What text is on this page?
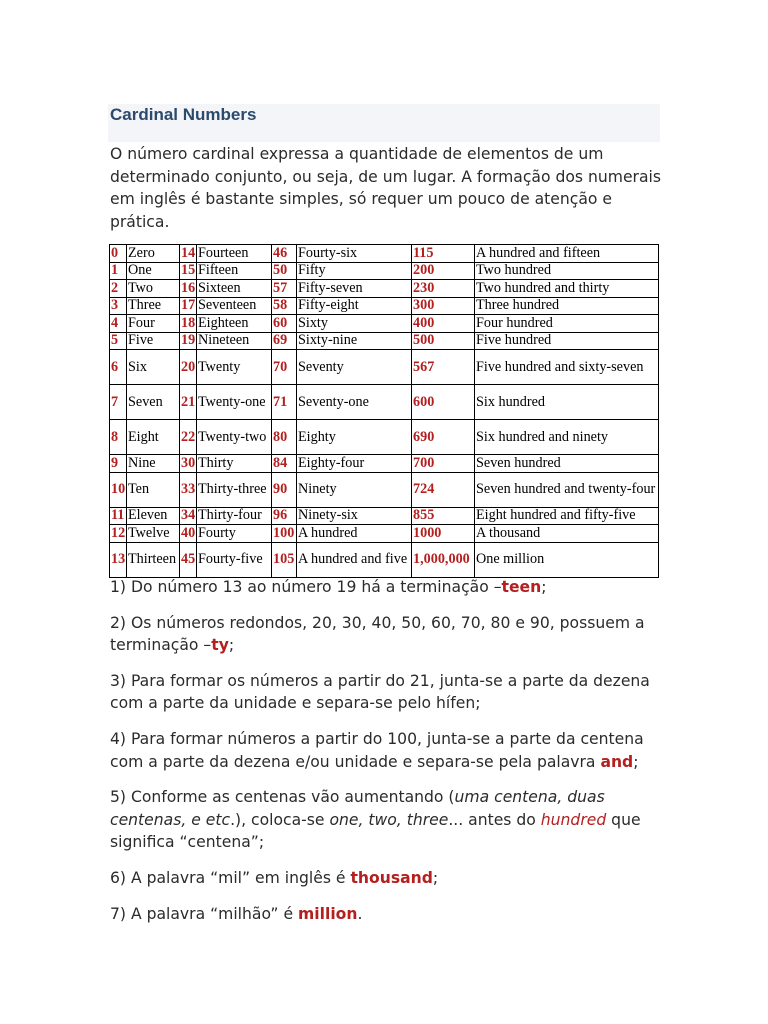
Cardinal Numbers

O número cardinal expressa a quantidade de elementos de um determinado conjunto, ou seja, de um lugar. A formação dos numerais em inglês é bastante simples, só requer um pouco de atenção e prática.

0	Zero	14	Fourteen	46	Fourty-six	115	A hundred and fifteen
1	One	15	Fifteen	50	Fifty	200	Two hundred
2	Two	16	Sixteen	57	Fifty-seven	230	Two hundred and thirty
3	Three	17	Seventeen	58	Fifty-eight	300	Three hundred
4	Four	18	Eighteen	60	Sixty	400	Four hundred
5	Five	19	Nineteen	69	Sixty-nine	500	Five hundred
6	Six	20	Twenty	70	Seventy	567	Five hundred and sixty-seven
7	Seven	21	Twenty-one	71	Seventy-one	600	Six hundred
8	Eight	22	Twenty-two	80	Eighty	690	Six hundred and ninety
9	Nine	30	Thirty	84	Eighty-four	700	Seven hundred
10	Ten	33	Thirty-three	90	Ninety	724	Seven hundred and twenty-four
11	Eleven	34	Thirty-four	96	Ninety-six	855	Eight hundred and fifty-five
12	Twelve	40	Fourty	100	A hundred	1000	A thousand
13	Thirteen	45	Fourty-five	105	A hundred and five	1,000,000	One million

1) Do número 13 ao número 19 há a terminação –teen;

2) Os números redondos, 20, 30, 40, 50, 60, 70, 80 e 90, possuem a terminação –ty;

3) Para formar os números a partir do 21, junta-se a parte da dezena com a parte da unidade e separa-se pelo hífen;

4) Para formar números a partir do 100, junta-se a parte da centena com a parte da dezena e/ou unidade e separa-se pela palavra and;

5) Conforme as centenas vão aumentando (uma centena, duas centenas, e etc.), coloca-se one, two, three... antes do hundred que significa “centena”;

6) A palavra “mil” em inglês é thousand;

7) A palavra “milhão” é million.
